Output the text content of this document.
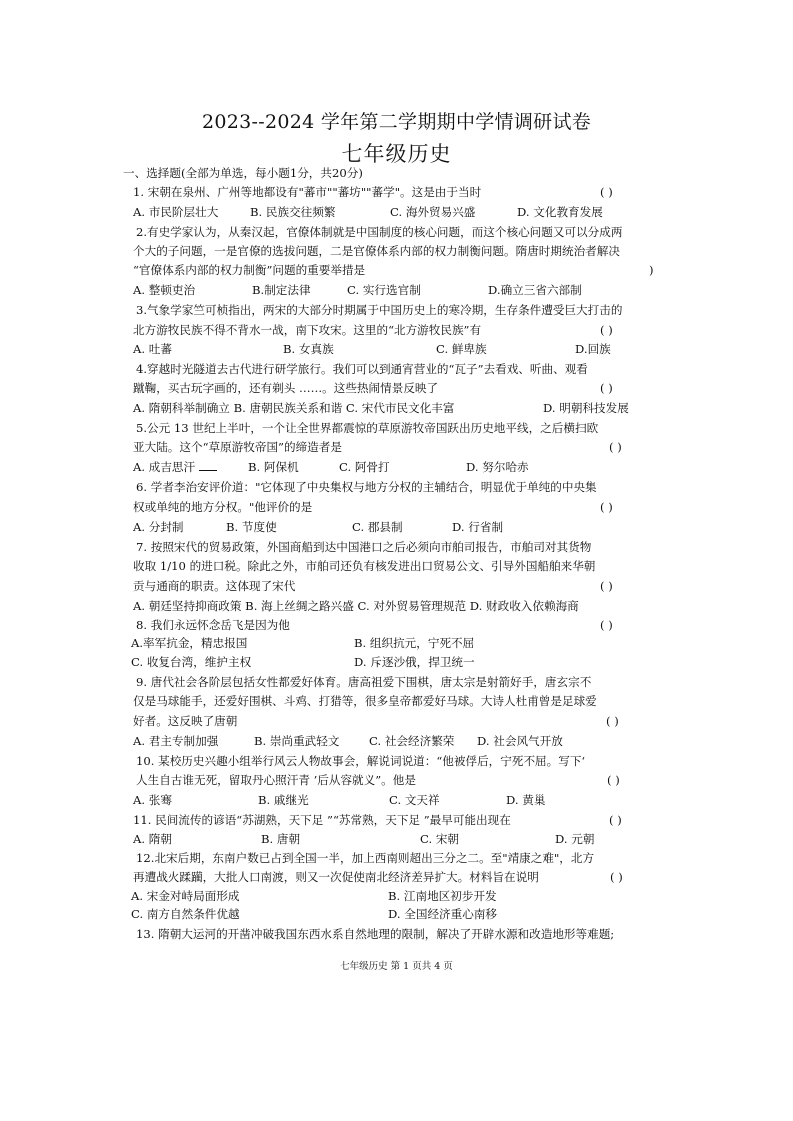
2023--2024 学年第二学期期中学情调研试卷
七年级历史
一、选择题(全部为单选，每小题1分，共20分)
1. 宋朝在泉州、广州等地都设有"蕃市""蕃坊""蕃学"。这是由于当时	( )
A. 市民阶层壮大	B. 民族交往频繁	C. 海外贸易兴盛	D. 文化教育发展
2.有史学家认为，从秦汉起，官僚体制就是中国制度的核心问题，而这个核心问题又可以分成两
个大的子问题，一是官僚的选拔问题，二是官僚体系内部的权力制衡问题。隋唐时期统治者解决
“官僚体系内部的权力制衡”问题的重要举措是	)
A. 整顿吏治	B.制定法律	C. 实行选官制	D.确立三省六部制
3.气象学家竺可桢指出，两宋的大部分时期属于中国历史上的寒冷期，生存条件遭受巨大打击的
北方游牧民族不得不背水一战，南下攻宋。这里的“北方游牧民族”有	( )
A. 吐蕃	B. 女真族	C. 鲜卑族	D.回族
4.穿越时光隧道去古代进行研学旅行。我们可以到通宵营业的“瓦子”去看戏、听曲、观看
蹴鞠，买古玩字画的，还有剃头 ……。这些热闹情景反映了	( )
A. 隋朝科举制确立 B. 唐朝民族关系和谐 C. 宋代市民文化丰富	D. 明朝科技发展
5.公元 13 世纪上半叶，一个让全世界都震惊的草原游牧帝国跃出历史地平线，之后横扫欧
亚大陆。这个“草原游牧帝国”的缔造者是	( )
A. 成吉思汗	B. 阿保机	C. 阿骨打	D. 努尔哈赤
6. 学者李治安评价道："它体现了中央集权与地方分权的主辅结合，明显优于单纯的中央集
权或单纯的地方分权。"他评价的是	( )
A. 分封制	B. 节度使	C. 郡县制	D. 行省制
7. 按照宋代的贸易政策，外国商船到达中国港口之后必须向市舶司报告，市舶司对其货物
收取 1/10 的进口税。除此之外，市舶司还负有核发进出口贸易公文、引导外国船舶来华朝
贡与通商的职责。这体现了宋代	( )
A. 朝廷坚持抑商政策 B. 海上丝绸之路兴盛 C. 对外贸易管理规范 D. 财政收入依赖海商
8. 我们永远怀念岳飞是因为他	( )
A.率军抗金，精忠报国	B. 组织抗元，宁死不屈
C. 收复台湾，维护主权	D. 斥逐沙俄，捍卫统一
9. 唐代社会各阶层包括女性都爱好体育。唐高祖爱下围棋，唐太宗是射箭好手，唐玄宗不
仅是马球能手，还爱好围棋、斗鸡、打猎等，很多皇帝都爱好马球。大诗人杜甫曾是足球爱
好者。这反映了唐朝	( )
A. 君主专制加强	B. 崇尚重武轻文	C. 社会经济繁荣 D. 社会风气开放
10. 某校历史兴趣小组举行风云人物故事会，解说词说道：“他被俘后，宁死不屈。写下‘
人生自古谁无死，留取丹心照汗青 ’后从容就义”。他是	( )
A. 张骞	B. 戚继光	C. 文天祥	D. 黄巢
11. 民间流传的谚语“苏湖熟，天下足 ”“苏常熟，天下足 ”最早可能出现在	( )
A. 隋朝	B. 唐朝	C. 宋朝	D. 元朝
12.北宋后期，东南户数已占到全国一半，加上西南则超出三分之二。至"靖康之难"，北方
再遭战火蹂躏，大批人口南渡，则又一次促使南北经济差异扩大。材料旨在说明	( )
A. 宋金对峙局面形成	B. 江南地区初步开发
C. 南方自然条件优越	D. 全国经济重心南移
13. 隋朝大运河的开凿冲破我国东西水系自然地理的限制，解决了开辟水源和改造地形等难题;
七年级历史 第 1 页共 4 页
